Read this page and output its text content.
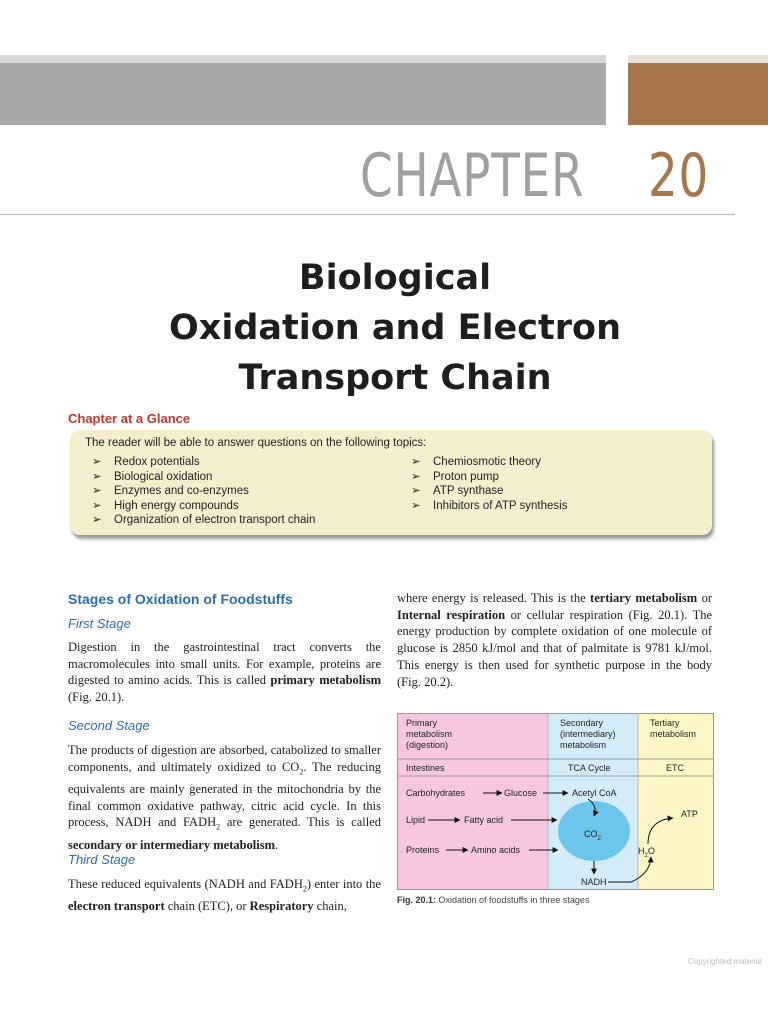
CHAPTER 20
Biological
Oxidation and Electron
Transport Chain
Chapter at a Glance
The reader will be able to answer questions on the following topics:
➢ Redox potentials
➢ Biological oxidation
➢ Enzymes and co-enzymes
➢ High energy compounds
➢ Organization of electron transport chain
➢ Chemiosmotic theory
➢ Proton pump
➢ ATP synthase
➢ Inhibitors of ATP synthesis
Stages of Oxidation of Foodstuffs
First Stage
Digestion in the gastrointestinal tract converts the macromolecules into small units. For example, proteins are digested to amino acids. This is called primary metabolism (Fig. 20.1).
Second Stage
The products of digestion are absorbed, catabolized to smaller components, and ultimately oxidized to $CO_2$. The reducing equivalents are mainly generated in the mitochondria by the final common oxidative pathway, citric acid cycle. In this process, NADH and $FADH_2$ are generated. This is called secondary or intermediary metabolism.
Third Stage
These reduced equivalents (NADH and $FADH_2$) enter into the electron transport chain (ETC), or Respiratory chain,
where energy is released. This is the tertiary metabolism or Internal respiration or cellular respiration (Fig. 20.1). The energy production by complete oxidation of one molecule of glucose is 2850 kJ/mol and that of palmitate is 9781 kJ/mol. This energy is then used for synthetic purpose in the body (Fig. 20.2).
Primary
metabolism
(digestion)
Secondary
(intermediary)
metabolism
Tertiary
metabolism
Intestines	TCA Cycle	ETC
Carbohydrates	Glucose	Acetyl CoA
Lipid	Fatty acid
$CO_2$
Proteins	Amino acids
NADH
$H_2O$
ATP
Fig. 20.1: Oxidation of foodstuffs in three stages
Copyrighted material
